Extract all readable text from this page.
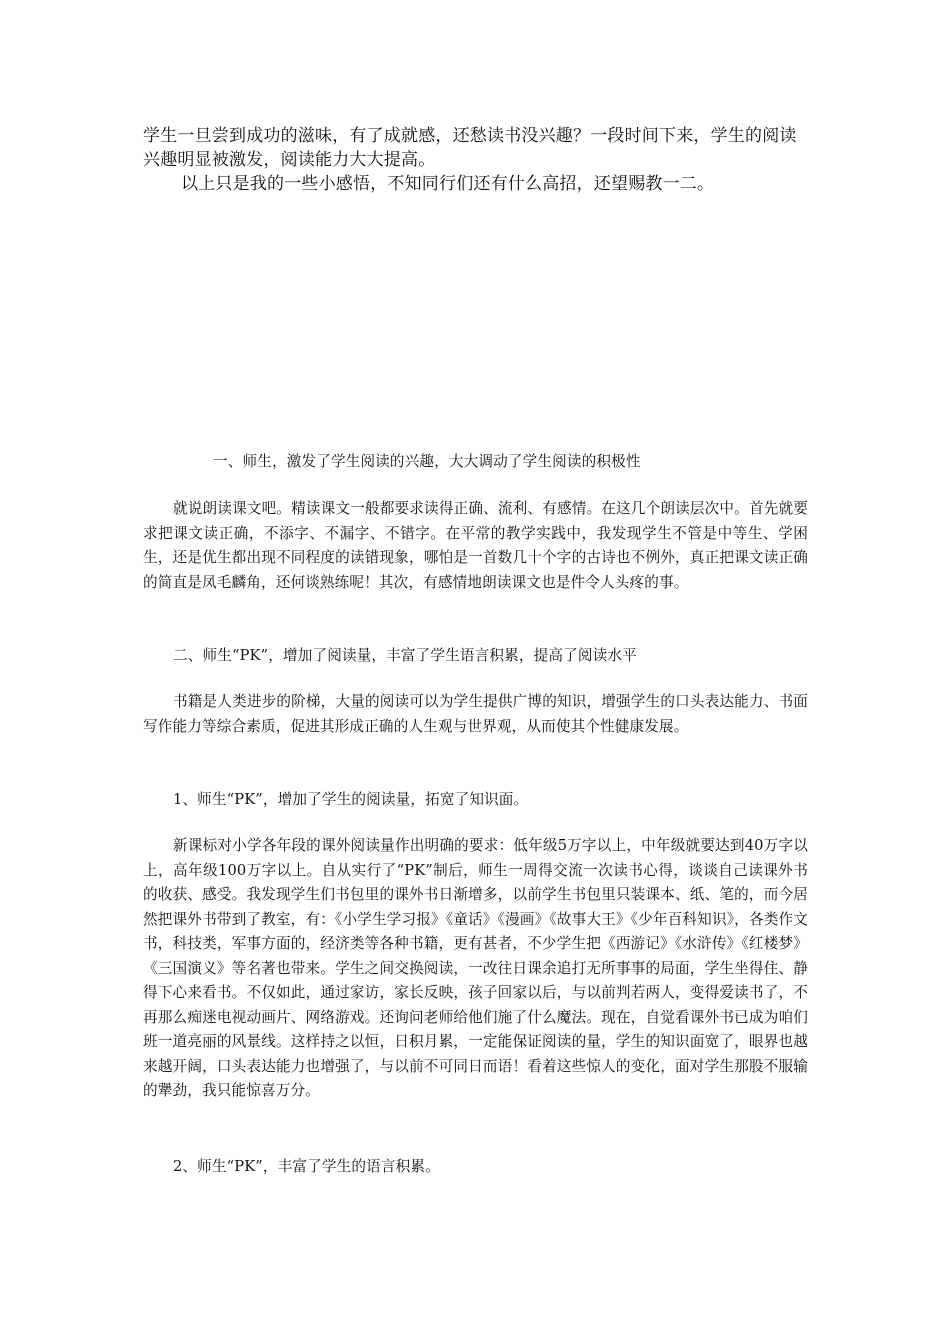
学生一旦尝到成功的滋味，有了成就感，还愁读书没兴趣？一段时间下来，学生的阅读兴趣明显被激发，阅读能力大大提高。

以上只是我的一些小感悟，不知同行们还有什么高招，还望赐教一二。

一、师生，激发了学生阅读的兴趣，大大调动了学生阅读的积极性

就说朗读课文吧。精读课文一般都要求读得正确、流利、有感情。在这几个朗读层次中。首先就要求把课文读正确，不添字、不漏字、不错字。在平常的教学实践中，我发现学生不管是中等生、学困生，还是优生都出现不同程度的读错现象，哪怕是一首数几十个字的古诗也不例外，真正把课文读正确的简直是凤毛麟角，还何谈熟练呢！其次，有感情地朗读课文也是件令人头疼的事。

二、师生“PK”，增加了阅读量，丰富了学生语言积累，提高了阅读水平

书籍是人类进步的阶梯，大量的阅读可以为学生提供广博的知识，增强学生的口头表达能力、书面写作能力等综合素质，促进其形成正确的人生观与世界观，从而使其个性健康发展。

1、师生“PK”，增加了学生的阅读量，拓宽了知识面。

新课标对小学各年段的课外阅读量作出明确的要求：低年级5万字以上，中年级就要达到40万字以上，高年级100万字以上。自从实行了“PK”制后，师生一周得交流一次读书心得，谈谈自己读课外书的收获、感受。我发现学生们书包里的课外书日渐增多，以前学生书包里只装课本、纸、笔的，而今居然把课外书带到了教室，有：《小学生学习报》《童话》《漫画》《故事大王》《少年百科知识》，各类作文书，科技类，军事方面的，经济类等各种书籍，更有甚者，不少学生把《西游记》《水浒传》《红楼梦》《三国演义》等名著也带来。学生之间交换阅读，一改往日课余追打无所事事的局面，学生坐得住、静得下心来看书。不仅如此，通过家访，家长反映，孩子回家以后，与以前判若两人，变得爱读书了，不再那么痴迷电视动画片、网络游戏。还询问老师给他们施了什么魔法。现在，自觉看课外书已成为咱们班一道亮丽的风景线。这样持之以恒，日积月累，一定能保证阅读的量，学生的知识面宽了，眼界也越来越开阔，口头表达能力也增强了，与以前不可同日而语！看着这些惊人的变化，面对学生那股不服输的犟劲，我只能惊喜万分。

2、师生“PK”，丰富了学生的语言积累。
